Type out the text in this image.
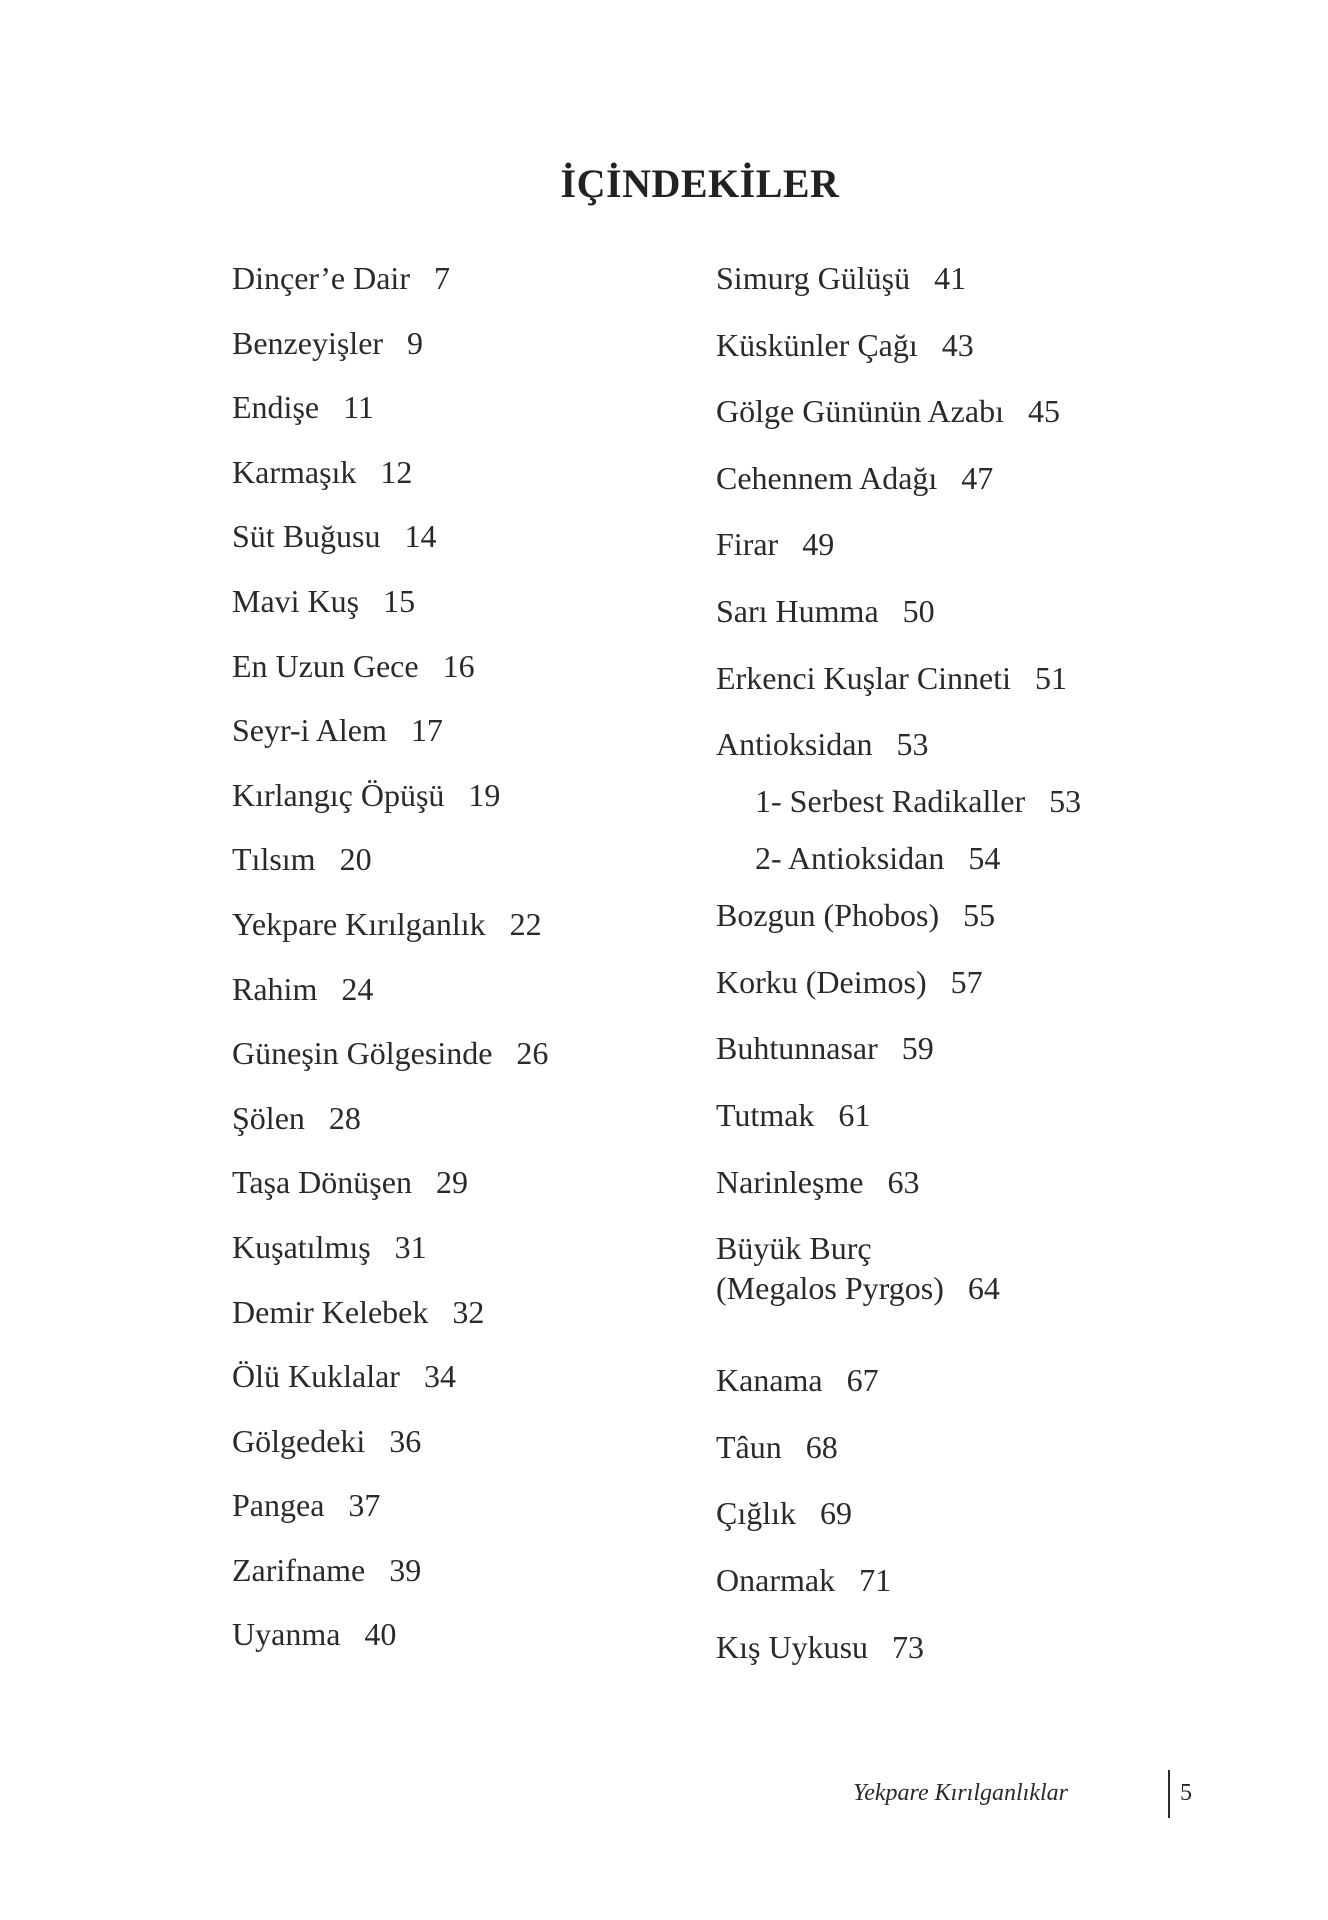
İÇİNDEKİLER
Dinçer’e Dair 7
Benzeyişler 9
Endişe 11
Karmaşık 12
Süt Buğusu 14
Mavi Kuş 15
En Uzun Gece 16
Seyr-i Alem 17
Kırlangıç Öpüşü 19
Tılsım 20
Yekpare Kırılganlık 22
Rahim 24
Güneşin Gölgesinde 26
Şölen 28
Taşa Dönüşen 29
Kuşatılmış 31
Demir Kelebek 32
Ölü Kuklalar 34
Gölgedeki 36
Pangea 37
Zarifname 39
Uyanma 40
Simurg Gülüşü 41
Küskünler Çağı 43
Gölge Gününün Azabı 45
Cehennem Adağı 47
Firar 49
Sarı Humma 50
Erkenci Kuşlar Cinneti 51
Antioksidan 53
1- Serbest Radikaller 53
2- Antioksidan 54
Bozgun (Phobos) 55
Korku (Deimos) 57
Buhtunnasar 59
Tutmak 61
Narinleşme 63
Büyük Burç
(Megalos Pyrgos) 64
Kanama 67
Tâun 68
Çığlık 69
Onarmak 71
Kış Uykusu 73
Yekpare Kırılganlıklar	5
